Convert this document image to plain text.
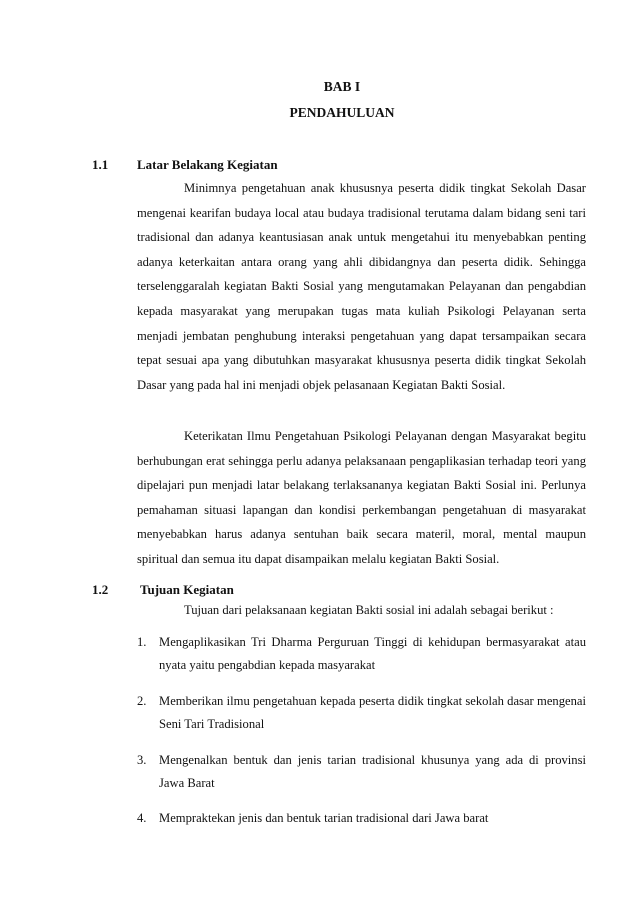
BAB I
PENDAHULUAN
1.1 Latar Belakang Kegiatan

Minimnya pengetahuan anak khususnya peserta didik tingkat Sekolah Dasar mengenai kearifan budaya local atau budaya tradisional terutama dalam bidang seni tari tradisional dan adanya keantusiasan anak untuk mengetahui itu menyebabkan penting adanya keterkaitan antara orang yang ahli dibidangnya dan peserta didik. Sehingga terselenggaralah kegiatan Bakti Sosial yang mengutamakan Pelayanan dan pengabdian kepada masyarakat yang merupakan tugas mata kuliah Psikologi Pelayanan serta menjadi jembatan penghubung interaksi pengetahuan yang dapat tersampaikan secara tepat sesuai apa yang dibutuhkan masyarakat khususnya peserta didik tingkat Sekolah Dasar yang pada hal ini menjadi objek pelasanaan Kegiatan Bakti Sosial.

Keterikatan Ilmu Pengetahuan Psikologi Pelayanan dengan Masyarakat begitu berhubungan erat sehingga perlu adanya pelaksanaan pengaplikasian terhadap teori yang dipelajari pun menjadi latar belakang terlaksananya kegiatan Bakti Sosial ini. Perlunya pemahaman situasi lapangan dan kondisi perkembangan pengetahuan di masyarakat menyebabkan harus adanya sentuhan baik secara materil, moral, mental maupun spiritual dan semua itu dapat disampaikan melalu kegiatan Bakti Sosial.

1.2 Tujuan Kegiatan

Tujuan dari pelaksanaan kegiatan Bakti sosial ini adalah sebagai berikut :

1. Mengaplikasikan Tri Dharma Perguruan Tinggi di kehidupan bermasyarakat atau nyata yaitu pengabdian kepada masyarakat
2. Memberikan ilmu pengetahuan kepada peserta didik tingkat sekolah dasar mengenai Seni Tari Tradisional
3. Mengenalkan bentuk dan jenis tarian tradisional khusunya yang ada di provinsi Jawa Barat
4. Mempraktekan jenis dan bentuk tarian tradisional dari Jawa barat
